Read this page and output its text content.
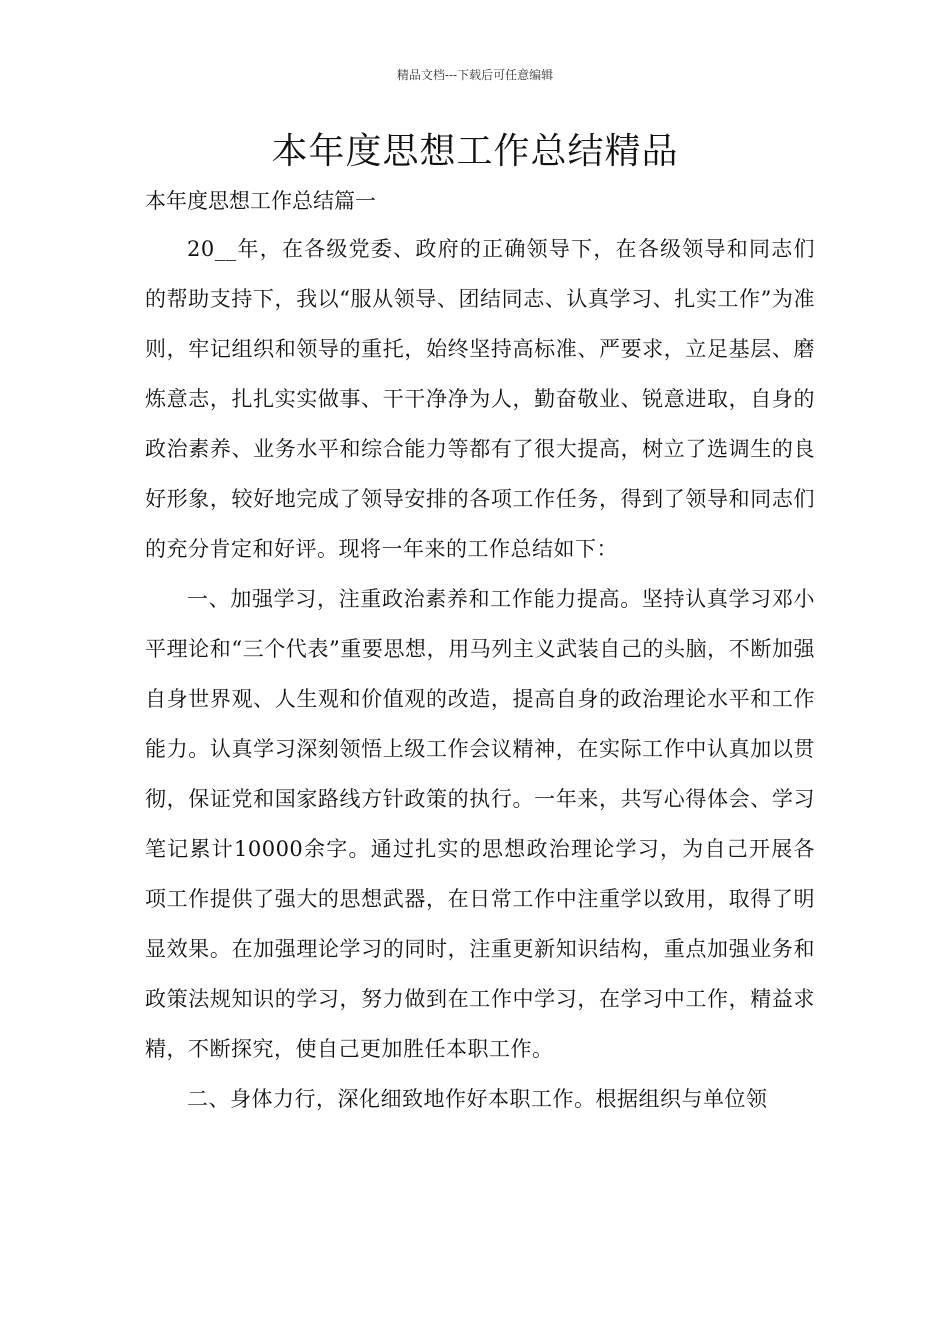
精品文档---下载后可任意编辑
本年度思想工作总结精品
本年度思想工作总结篇一

20__年，在各级党委、政府的正确领导下，在各级领导和同志们的帮助支持下，我以“服从领导、团结同志、认真学习、扎实工作”为准则，牢记组织和领导的重托，始终坚持高标准、严要求，立足基层、磨炼意志，扎扎实实做事、干干净净为人，勤奋敬业、锐意进取，自身的政治素养、业务水平和综合能力等都有了很大提高，树立了选调生的良好形象，较好地完成了领导安排的各项工作任务，得到了领导和同志们的充分肯定和好评。现将一年来的工作总结如下：

一、加强学习，注重政治素养和工作能力提高。坚持认真学习邓小平理论和“三个代表”重要思想，用马列主义武装自己的头脑，不断加强自身世界观、人生观和价值观的改造，提高自身的政治理论水平和工作能力。认真学习深刻领悟上级工作会议精神，在实际工作中认真加以贯彻，保证党和国家路线方针政策的执行。一年来，共写心得体会、学习笔记累计10000余字。通过扎实的思想政治理论学习，为自己开展各项工作提供了强大的思想武器，在日常工作中注重学以致用，取得了明显效果。在加强理论学习的同时，注重更新知识结构，重点加强业务和政策法规知识的学习，努力做到在工作中学习，在学习中工作，精益求精，不断探究，使自己更加胜任本职工作。

二、身体力行，深化细致地作好本职工作。根据组织与单位领
